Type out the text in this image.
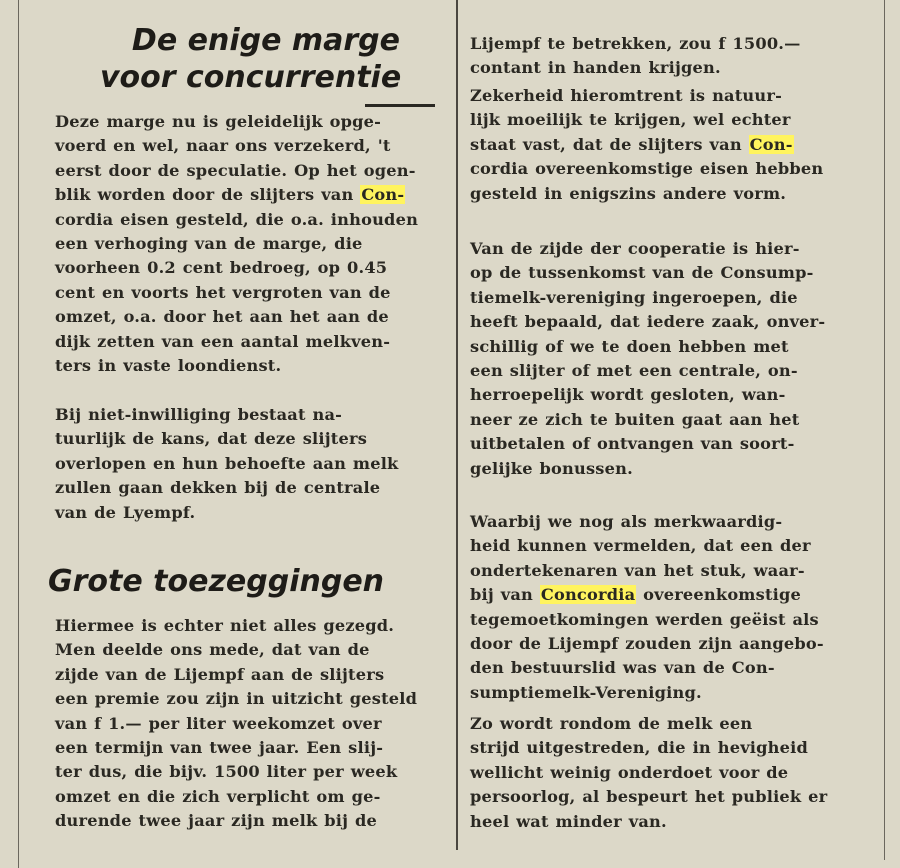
De enige marge
voor concurrentie
Deze marge nu is geleidelijk opge-
voerd en wel, naar ons verzekerd, 't
eerst door de speculatie. Op het ogen-
blik worden door de slijters van Con-
cordia eisen gesteld, die o.a. inhouden
een verhoging van de marge, die
voorheen 0.2 cent bedroeg, op 0.45
cent en voorts het vergroten van de
omzet, o.a. door het aan het aan de
dijk zetten van een aantal melkven-
ters in vaste loondienst.
Bij niet-inwilliging bestaat na-
tuurlijk de kans, dat deze slijters
overlopen en hun behoefte aan melk
zullen gaan dekken bij de centrale
van de Lyempf.
Grote toezeggingen
Hiermee is echter niet alles gezegd.
Men deelde ons mede, dat van de
zijde van de Lijempf aan de slijters
een premie zou zijn in uitzicht gesteld
van f 1.— per liter weekomzet over
een termijn van twee jaar. Een slij-
ter dus, die bijv. 1500 liter per week
omzet en die zich verplicht om ge-
durende twee jaar zijn melk bij de
Lijempf te betrekken, zou f 1500.—
contant in handen krijgen.
Zekerheid hieromtrent is natuur-
lijk moeilijk te krijgen, wel echter
staat vast, dat de slijters van Con-
cordia overeenkomstige eisen hebben
gesteld in enigszins andere vorm.
Van de zijde der cooperatie is hier-
op de tussenkomst van de Consump-
tiemelk-vereniging ingeroepen, die
heeft bepaald, dat iedere zaak, onver-
schillig of we te doen hebben met
een slijter of met een centrale, on-
herroepelijk wordt gesloten, wan-
neer ze zich te buiten gaat aan het
uitbetalen of ontvangen van soort-
gelijke bonussen.
Waarbij we nog als merkwaardig-
heid kunnen vermelden, dat een der
ondertekenaren van het stuk, waar-
bij van Concordia overeenkomstige
tegemoetkomingen werden geëist als
door de Lijempf zouden zijn aangebo-
den bestuurslid was van de Con-
sumptiemelk-Vereniging.
Zo wordt rondom de melk een
strijd uitgestreden, die in hevigheid
wellicht weinig onderdoet voor de
persoorlog, al bespeurt het publiek er
heel wat minder van.
